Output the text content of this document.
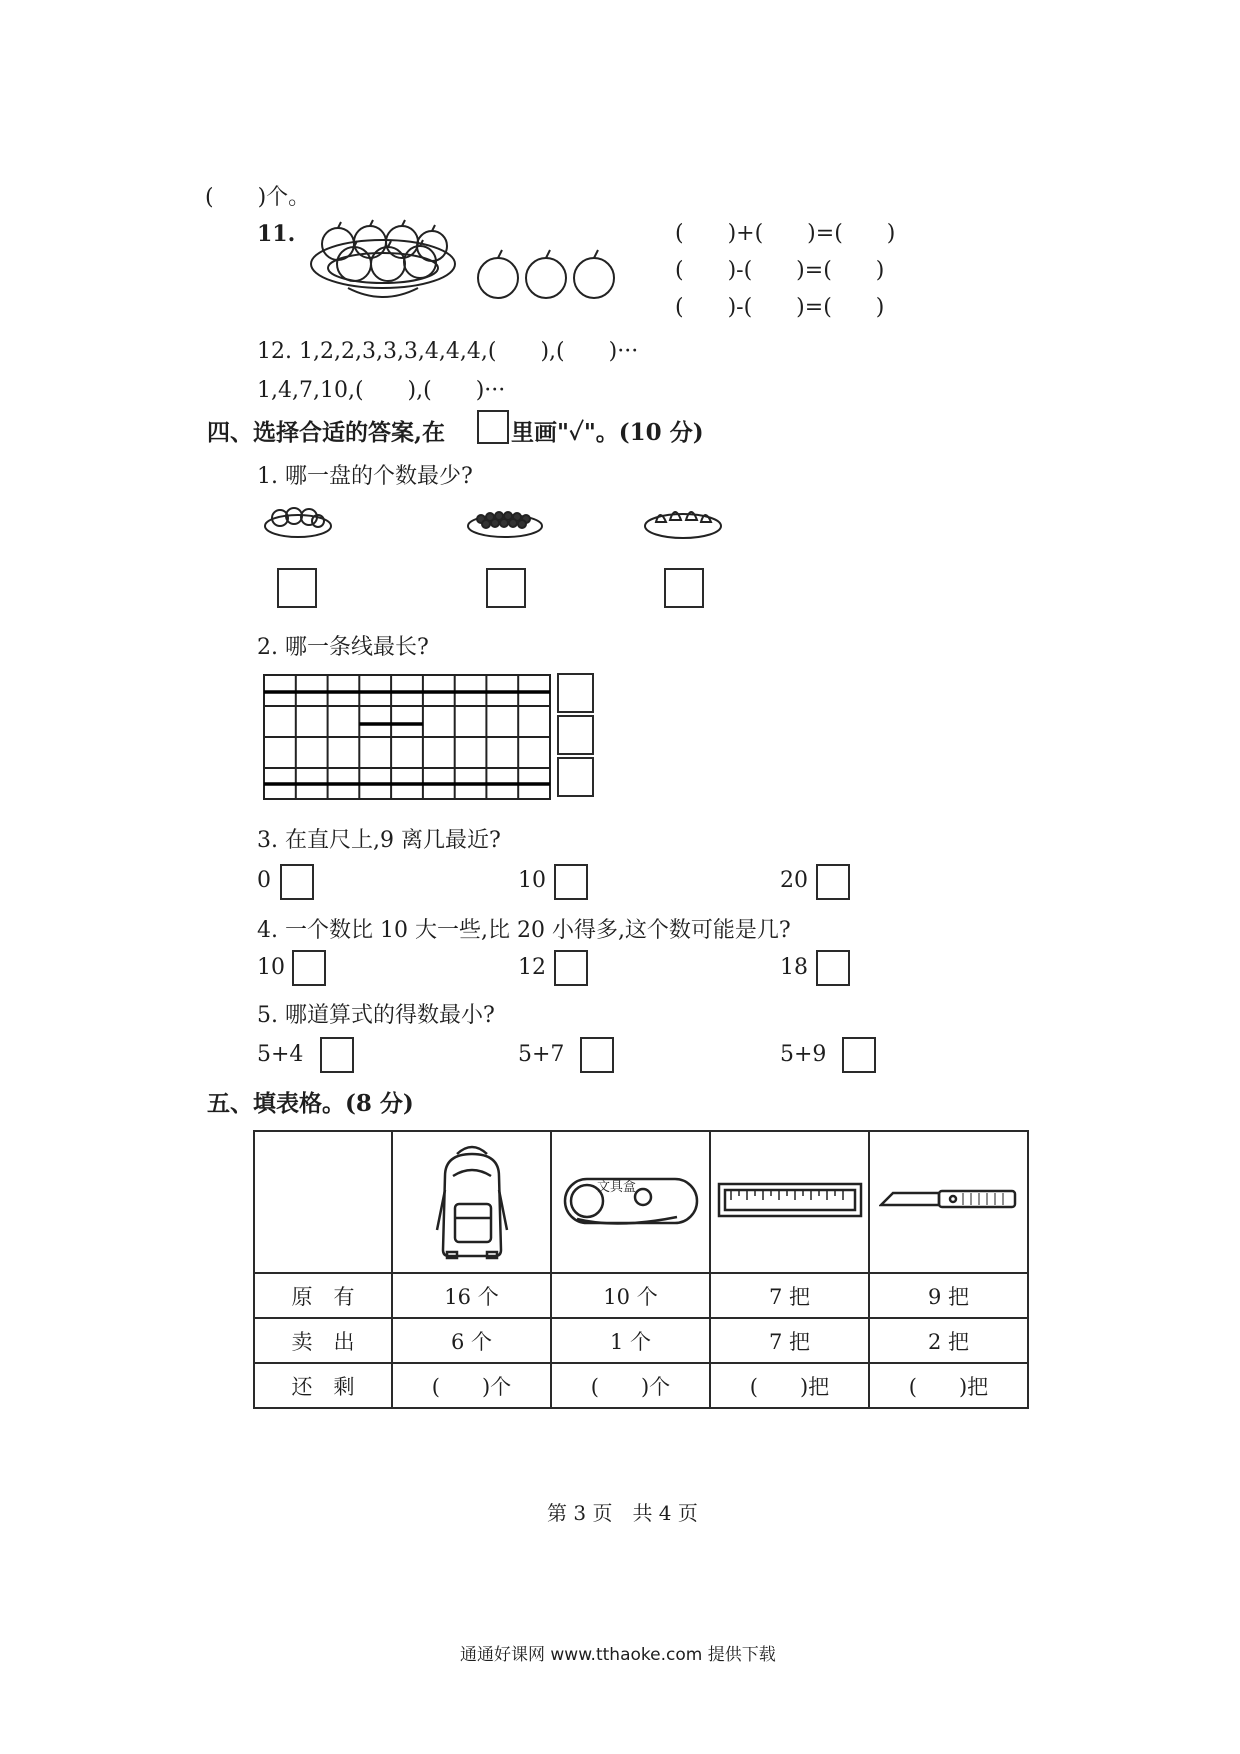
(　　)个。
11.	(　　)+(　　)=(　　)
(　　)-(　　)=(　　)
(　　)-(　　)=(　　)
12. 1,2,2,3,3,3,4,4,4,(　　),(　　)···
1,4,7,10,(　　),(　　)···
四、选择合适的答案,在	里画"✓"。(10 分)
1. 哪一盘的个数最少?
2. 哪一条线最长?
3. 在直尺上,9 离几最近?
0	10	20
4. 一个数比 10 大一些,比 20 小得多,这个数可能是几?
10	12	18
5. 哪道算式的得数最小?
5+4	5+7	5+9
五、填表格。(8 分)

文具盒

原　有	16 个	10 个	7 把	9 把
卖　出	6 个	1 个	7 把	2 把
还　剩	(　　)个	(　　)个	(　　)把	(　　)把
第 3 页　共 4 页
通通好课网 www.tthaoke.com 提供下载
